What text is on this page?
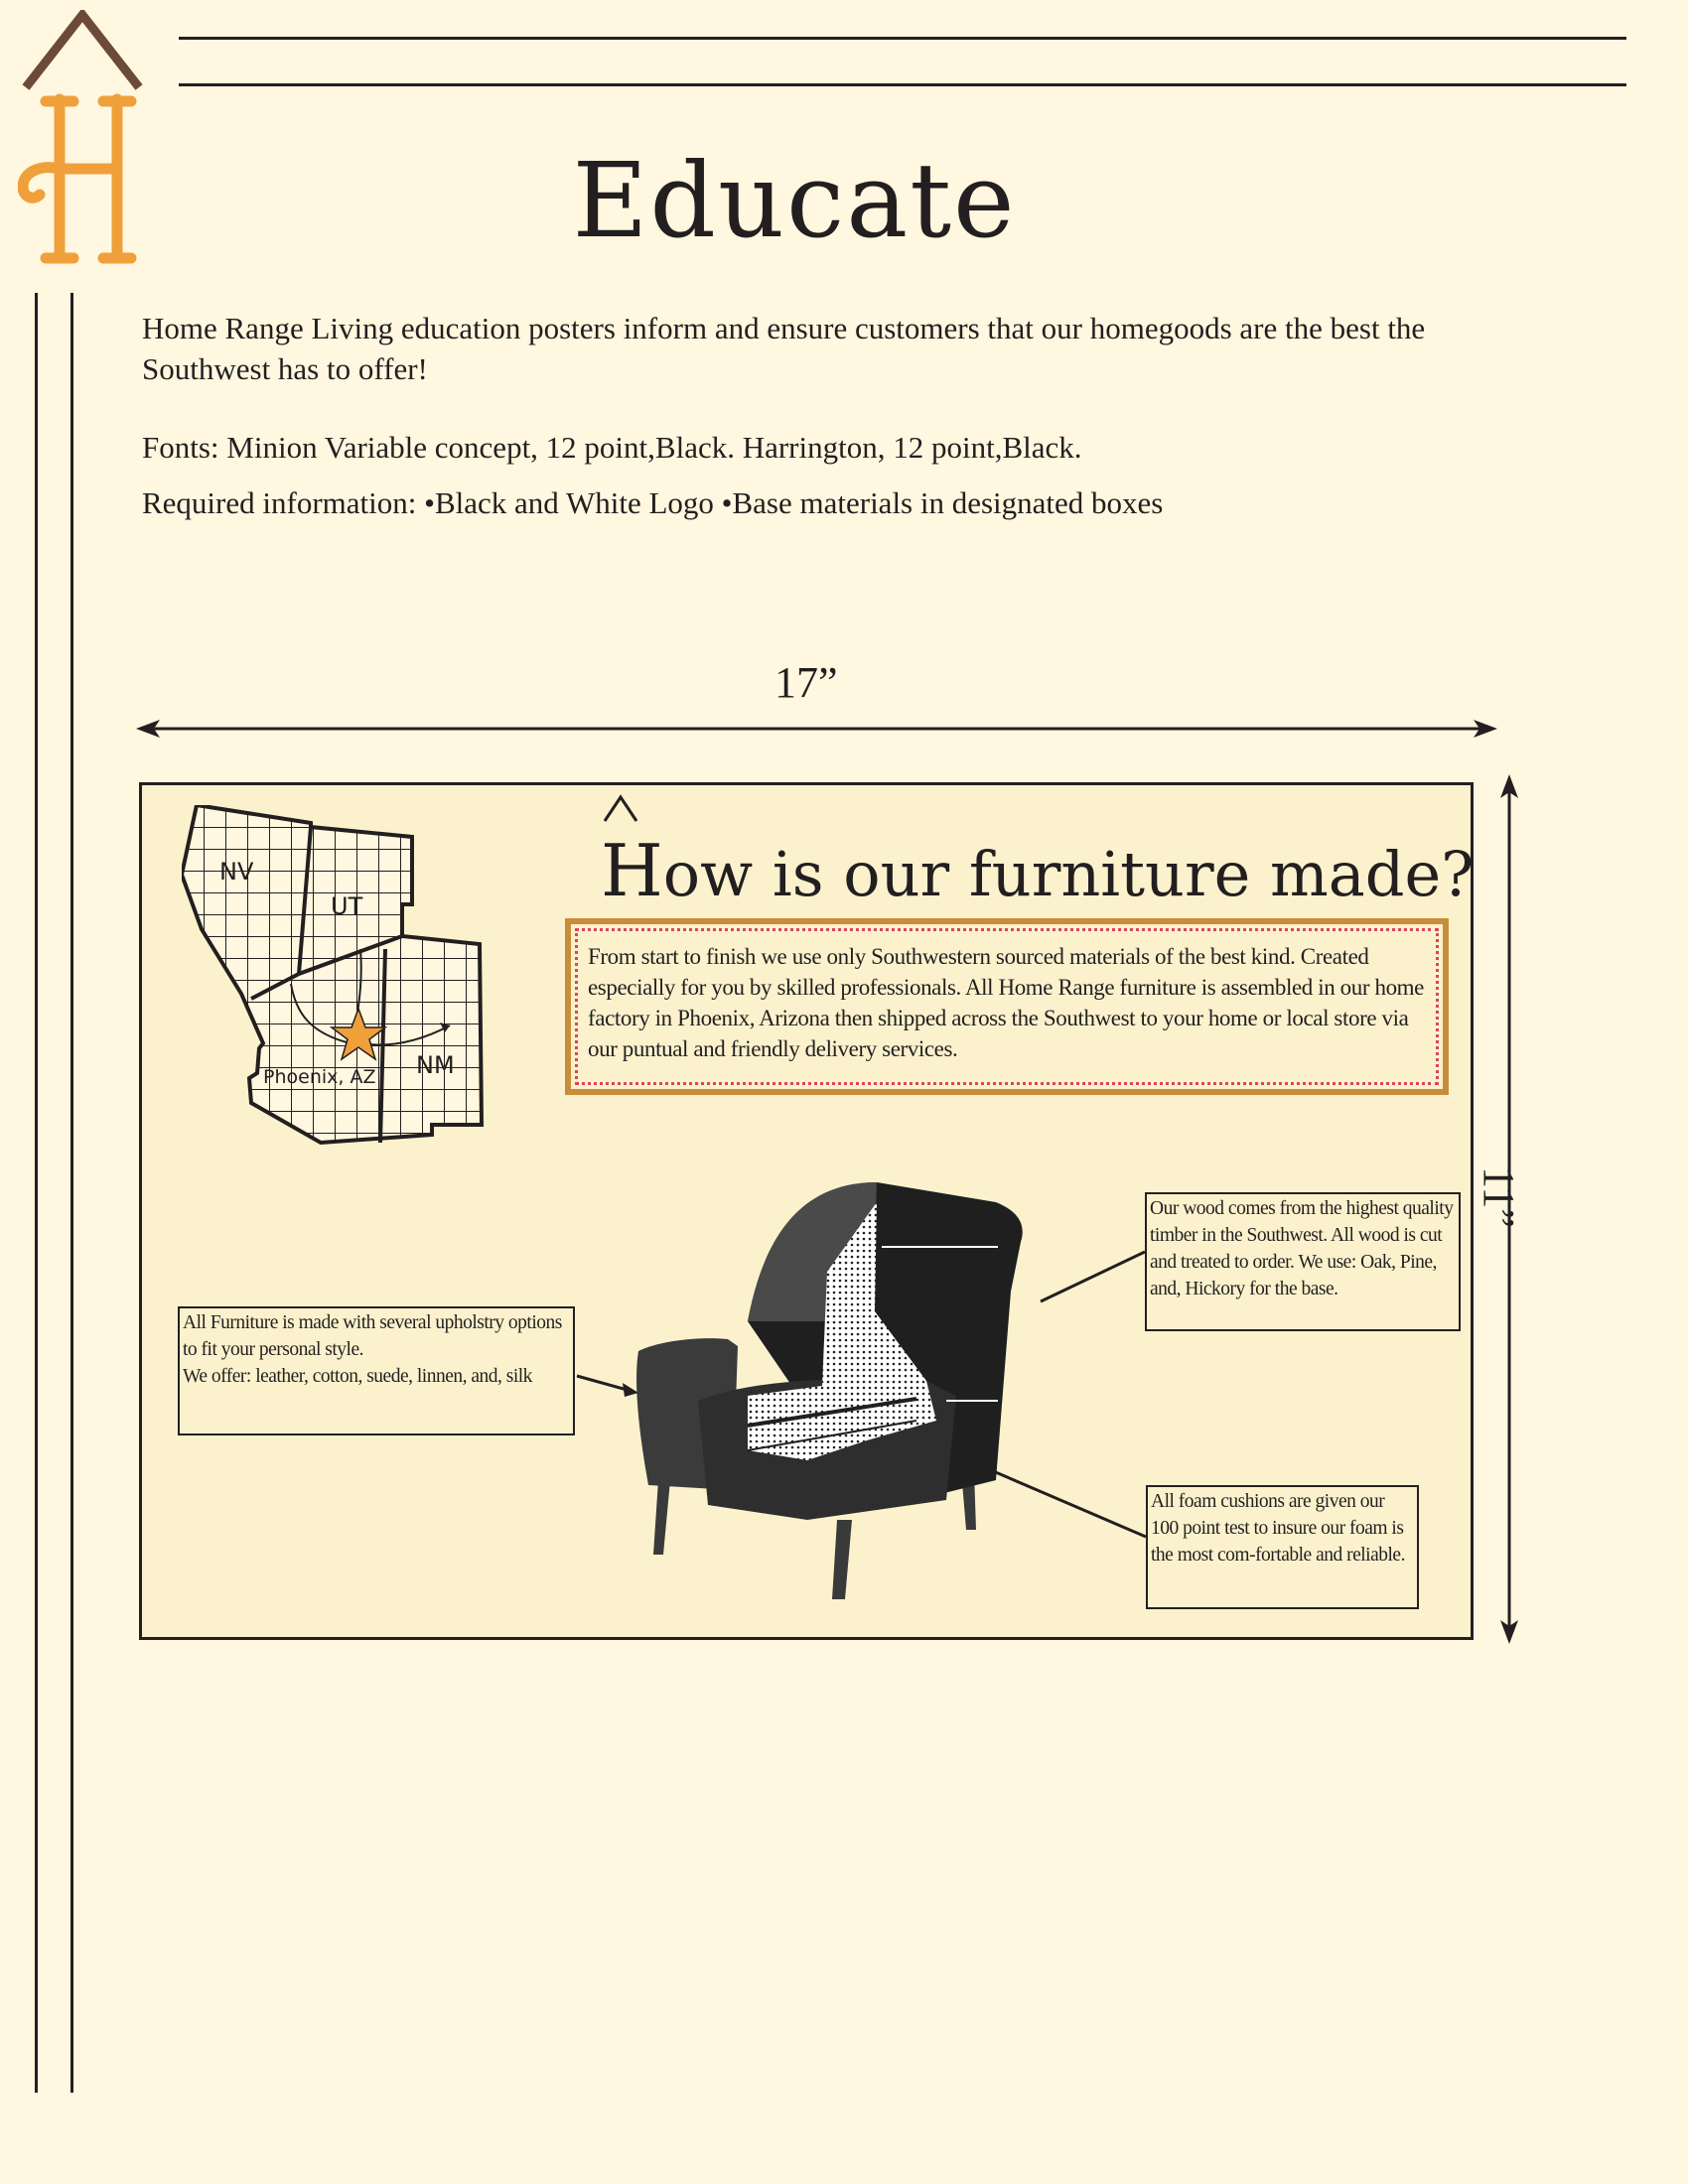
Educate
Home Range Living education posters inform and ensure customers that our homegoods are the best the Southwest has to offer!
Fonts: Minion Variable concept, 12 point,Black. Harrington, 12 point,Black.
Required information: •Black and White Logo •Base materials in designated boxes
17”
11”
NV
UT
NM
Phoenix, AZ
How is our furniture made?
From start to finish we use only Southwestern sourced materials of the best kind. Created especially for you by skilled professionals. All Home Range furniture is assembled in our home factory in Phoenix, Arizona then shipped across the Southwest to your home or local store via our puntual and friendly delivery services.

All Furniture is made with several upholstry options to fit your personal style.

We offer: leather, cotton, suede, linnen, and, silk

Our wood comes from the highest quality timber in the Southwest. All wood is cut and treated to order. We use: Oak, Pine, and, Hickory for the base.

All foam cushions are given our 100 point test to insure our foam is the most com-fortable and reliable.
